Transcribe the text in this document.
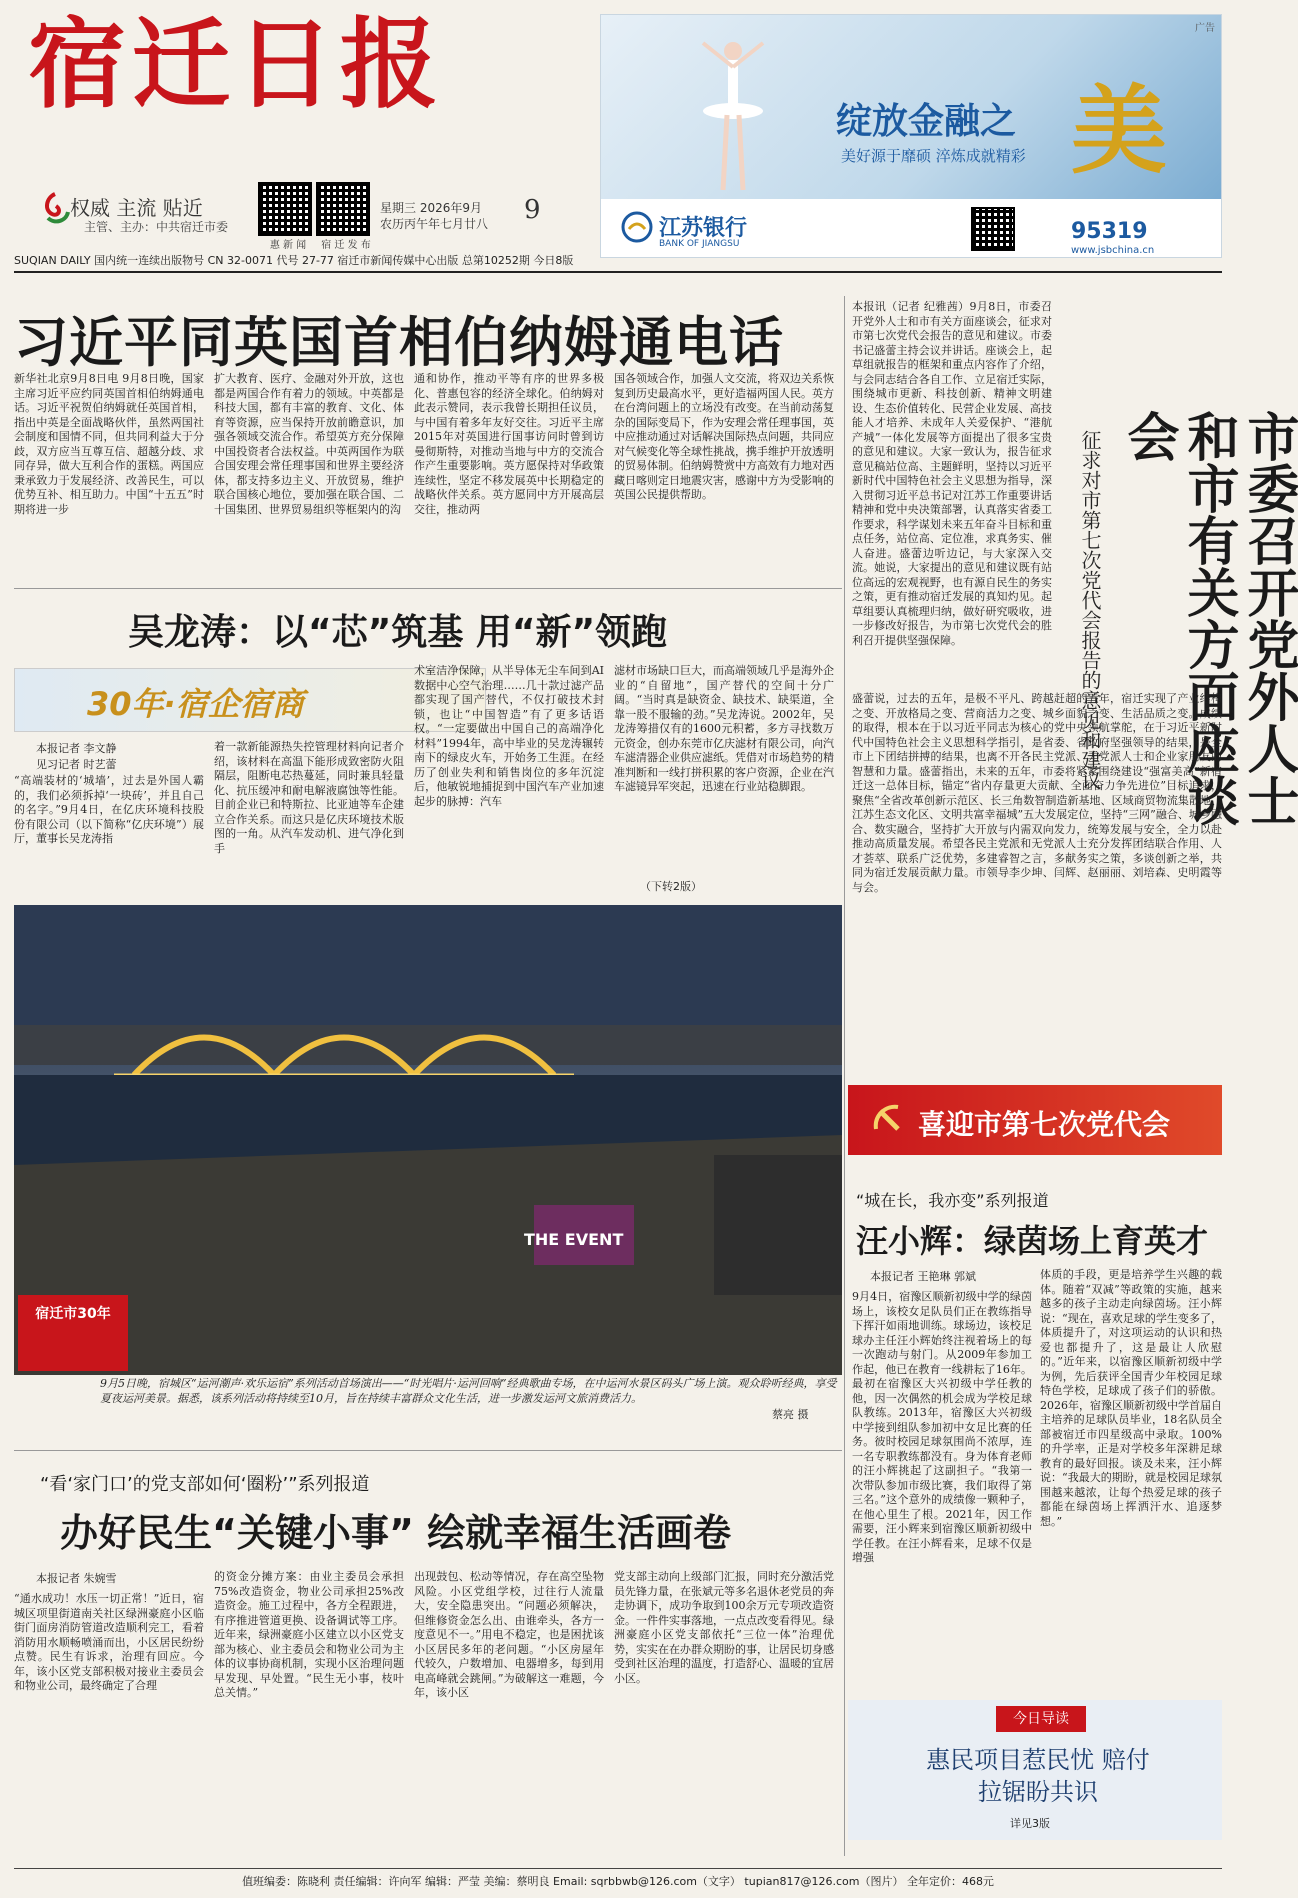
宿迁日报
权威 主流 贴近
主管、主办：中共宿迁市委
惠 新 闻	宿 迁 发 布
星期三 2026年9月
农历丙午年七月廿八	9
广告
绽放金融之 美
美好源于靡硕 淬炼成就精彩
江苏银行
BANK OF JIANGSU	95319
www.jsbchina.cn
SUQIAN DAILY 国内统一连续出版物号 CN 32-0071 代号 27-77 宿迁市新闻传媒中心出版 总第10252期 今日8版
习近平同英国首相伯纳姆通电话
新华社北京9月8日电 9月8日晚，国家主席习近平应约同英国首相伯纳姆通电话。习近平祝贺伯纳姆就任英国首相，指出中英是全面战略伙伴，虽然两国社会制度和国情不同，但共同利益大于分歧，双方应当互尊互信、超越分歧、求同存异，做大互利合作的蛋糕。两国应秉承致力于发展经济、改善民生，可以优势互补、相互助力。中国“十五五”时期将进一步
扩大教育、医疗、金融对外开放，这也都是两国合作有着力的领域。中英都是科技大国，都有丰富的教育、文化、体育等资源，应当保持开放前瞻意识，加强各领域交流合作。希望英方充分保障中国投资者合法权益。中英两国作为联合国安理会常任理事国和世界主要经济体，都支持多边主义、开放贸易，维护联合国核心地位，要加强在联合国、二十国集团、世界贸易组织等框架内的沟
通和协作，推动平等有序的世界多极化、普惠包容的经济全球化。伯纳姆对此表示赞同，表示我曾长期担任议员，与中国有着多年友好交往。习近平主席2015年对英国进行国事访问时曾到访曼彻斯特，对推动当地与中方的交流合作产生重要影响。英方愿保持对华政策连续性，坚定不移发展英中长期稳定的战略伙伴关系。英方愿同中方开展高层交往，推动两
国各领域合作，加强人文交流，将双边关系恢复到历史最高水平，更好造福两国人民。英方在台湾问题上的立场没有改变。在当前动荡复杂的国际变局下，作为安理会常任理事国，英中应推动通过对话解决国际热点问题，共同应对气候变化等全球性挑战，携手维护开放透明的贸易体制。伯纳姆赞赏中方高效有力地对西藏日喀则定日地震灾害，感谢中方为受影响的英国公民提供帮助。
吴龙涛：以“芯”筑基 用“新”领跑
30年·宿企宿商
本报记者 李文静
见习记者 时艺蕾
“高端装材的‘城墙’，过去是外国人霸的，我们必须拆掉‘一块砖’，并且自己的名字。”9月4日，在亿庆环境科技股份有限公司（以下简称“亿庆环境”）展厅，董事长吴龙涛指
着一款新能源热失控管理材料向记者介绍，该材料在高温下能形成致密防火阻隔层，阻断电芯热蔓延，同时兼具轻量化、抗压缓冲和耐电解液腐蚀等性能。目前企业已和特斯拉、比亚迪等车企建立合作关系。而这只是亿庆环境技术版图的一角。从汽车发动机、进气净化到手
术室洁净保障，从半导体无尘车间到AI数据中心空气治理……几十款过滤产品都实现了国产替代，不仅打破技术封锁，也让“中国智造”有了更多话语权。“一定要做出中国自己的高端净化材料”1994年，高中毕业的吴龙涛辗转南下的绿皮火车，开始务工生涯。在经历了创业失利和销售岗位的多年沉淀后，他敏锐地捕捉到中国汽车产业加速起步的脉搏：汽车
滤材市场缺口巨大，而高端领域几乎是海外企业的“自留地”，国产替代的空间十分广阔。“当时真是缺资金、缺技术、缺渠道，全靠一股不服输的劲。”吴龙涛说。2002年，吴龙涛筹措仅有的1600元积蓄，多方寻找数万元资金，创办东莞市亿庆滤材有限公司，向汽车滤清器企业供应滤纸。凭借对市场趋势的精准判断和一线打拼积累的客户资源，企业在汽车滤镜异军突起，迅速在行业站稳脚跟。
（下转2版）
THE EVENT
宿迁市30年
9月5日晚，宿城区“运河潮声·欢乐运宿”系列活动首场演出——“时光唱片·运河回响”经典歌曲专场，在中运河水景区码头广场上演。观众聆听经典，享受夏夜运河美景。据悉，该系列活动将持续至10月，旨在持续丰富群众文化生活，进一步激发运河文旅消费活力。
蔡亮 摄
“看‘家门口’的党支部如何‘圈粉’”系列报道
办好民生“关键小事” 绘就幸福生活画卷
本报记者 朱婉雪
“通水成功！水压一切正常！”近日，宿城区项里街道南关社区绿洲豪庭小区临街门面房消防管道改造顺利完工，看着消防用水顺畅喷涌而出，小区居民纷纷点赞。民生有诉求，治理有回应。今年，该小区党支部积极对接业主委员会和物业公司，最终确定了合理
的资金分摊方案：由业主委员会承担75%改造资金，物业公司承担25%改造资金。施工过程中，各方全程跟进，有序推进管道更换、设备调试等工序。近年来，绿洲豪庭小区建立以小区党支部为核心、业主委员会和物业公司为主体的议事协商机制，实现小区治理问题早发现、早处置。“民生无小事，枝叶总关情。”
出现鼓包、松动等情况，存在高空坠物风险。小区党组学校，过往行人流量大，安全隐患突出。“问题必须解决，但维修资金怎么出、由谁牵头，各方一度意见不一。”用电不稳定，也是困扰该小区居民多年的老问题。“小区房屋年代较久，户数增加、电器增多，每到用电高峰就会跳闸。”为破解这一难题，今年，该小区
党支部主动向上级部门汇报，同时充分激活党员先锋力量，在张斌元等多名退休老党员的奔走协调下，成功争取到100余万元专项改造资金。一件件实事落地，一点点改变看得见。绿洲豪庭小区党支部依托“三位一体”治理优势，实实在在办群众期盼的事，让居民切身感受到社区治理的温度，打造舒心、温暖的宜居小区。
本报讯（记者 纪雅茜）9月8日，市委召开党外人士和市有关方面座谈会，征求对市第七次党代会报告的意见和建议。市委书记盛蕾主持会议并讲话。座谈会上，起草组就报告的框架和重点内容作了介绍，与会同志结合各自工作、立足宿迁实际，围绕城市更新、科技创新、精神文明建设、生态价值转化、民营企业发展、高技能人才培养、未成年人关爱保护、“港航产城”一体化发展等方面提出了很多宝贵的意见和建议。大家一致认为，报告征求意见稿站位高、主题鲜明，坚持以习近平新时代中国特色社会主义思想为指导，深入贯彻习近平总书记对江苏工作重要讲话精神和党中央决策部署，认真落实省委工作要求，科学谋划未来五年奋斗目标和重点任务，站位高、定位准，求真务实、催人奋进。盛蕾边听边记，与大家深入交流。她说，大家提出的意见和建议既有站位高远的宏观视野，也有源自民生的务实之策，更有推动宿迁发展的真知灼见。起草组要认真梳理归纳，做好研究吸收，进一步修改好报告，为市第七次党代会的胜利召开提供坚强保障。	市委召开党外人士和市有关方面座谈会
征求对市第七次党代会报告的意见和建议
盛蕾说，过去的五年，是极不平凡、跨越赶超的五年，宿迁实现了产业结构之变、开放格局之变、营商活力之变、城乡面貌之变、生活品质之变。成绩的取得，根本在于以习近平同志为核心的党中央领航掌舵，在于习近平新时代中国特色社会主义思想科学指引，是省委、省政府坚强领导的结果，是全市上下团结拼搏的结果，也离不开各民主党派、无党派人士和企业家朋友的智慧和力量。盛蕾指出，未来的五年，市委将紧紧围绕建设“强富美高”新宿迁这一总体目标，锚定“省内存量更大贡献、全面奋力争先进位”目标追求，聚焦“全省改革创新示范区、长三角数智制造新基地、区域商贸物流集散地、江苏生态文化区、文明共富幸福城”五大发展定位，坚持“三网”融合、城乡融合、数实融合，坚持扩大开放与内需双向发力，统筹发展与安全，全力以赴推动高质量发展。希望各民主党派和无党派人士充分发挥团结联合作用、人才荟萃、联系广泛优势，多建睿智之言，多献务实之策，多谈创新之举，共同为宿迁发展贡献力量。市领导李少坤、闫辉、赵丽丽、刘培森、史明霞等与会。
喜迎市第七次党代会
“城在长，我亦变”系列报道
汪小辉：绿茵场上育英才
本报记者 王艳琳 郭斌
9月4日，宿豫区顺新初级中学的绿茵场上，该校女足队员们正在教练指导下挥汗如雨地训练。球场边，该校足球办主任汪小辉始终注视着场上的每一次跑动与射门。从2009年参加工作起，他已在教育一线耕耘了16年。最初在宿豫区大兴初级中学任教的他，因一次偶然的机会成为学校足球队教练。2013年，宿豫区大兴初级中学接到组队参加初中女足比赛的任务。彼时校园足球氛围尚不浓厚，连一名专职教练都没有。身为体育老师的汪小辉挑起了这副担子。“我第一次带队参加市级比赛，我们取得了第三名。”这个意外的成绩像一颗种子，在他心里生了根。2021年，因工作需要，汪小辉来到宿豫区顺新初级中学任教。在汪小辉看来，足球不仅是增强
体质的手段，更是培养学生兴趣的载体。随着“双减”等政策的实施，越来越多的孩子主动走向绿茵场。汪小辉说：“现在，喜欢足球的学生变多了，体质提升了，对这项运动的认识和热爱也都提升了，这是最让人欣慰的。”近年来，以宿豫区顺新初级中学为例，先后获评全国青少年校园足球特色学校，足球成了孩子们的骄傲。2026年，宿豫区顺新初级中学首届自主培养的足球队员毕业，18名队员全部被宿迁市四星级高中录取。100%的升学率，正是对学校多年深耕足球教育的最好回报。谈及未来，汪小辉说：“我最大的期盼，就是校园足球氛围越来越浓，让每个热爱足球的孩子都能在绿茵场上挥洒汗水、追逐梦想。”
今日导读
惠民项目惹民忧 赔付拉锯盼共识
详见3版
值班编委：陈晓利 责任编辑：许向军 编辑：严莹 美编：蔡明良 Email: sqrbbwb@126.com（文字） tupian817@126.com（图片） 全年定价：468元
